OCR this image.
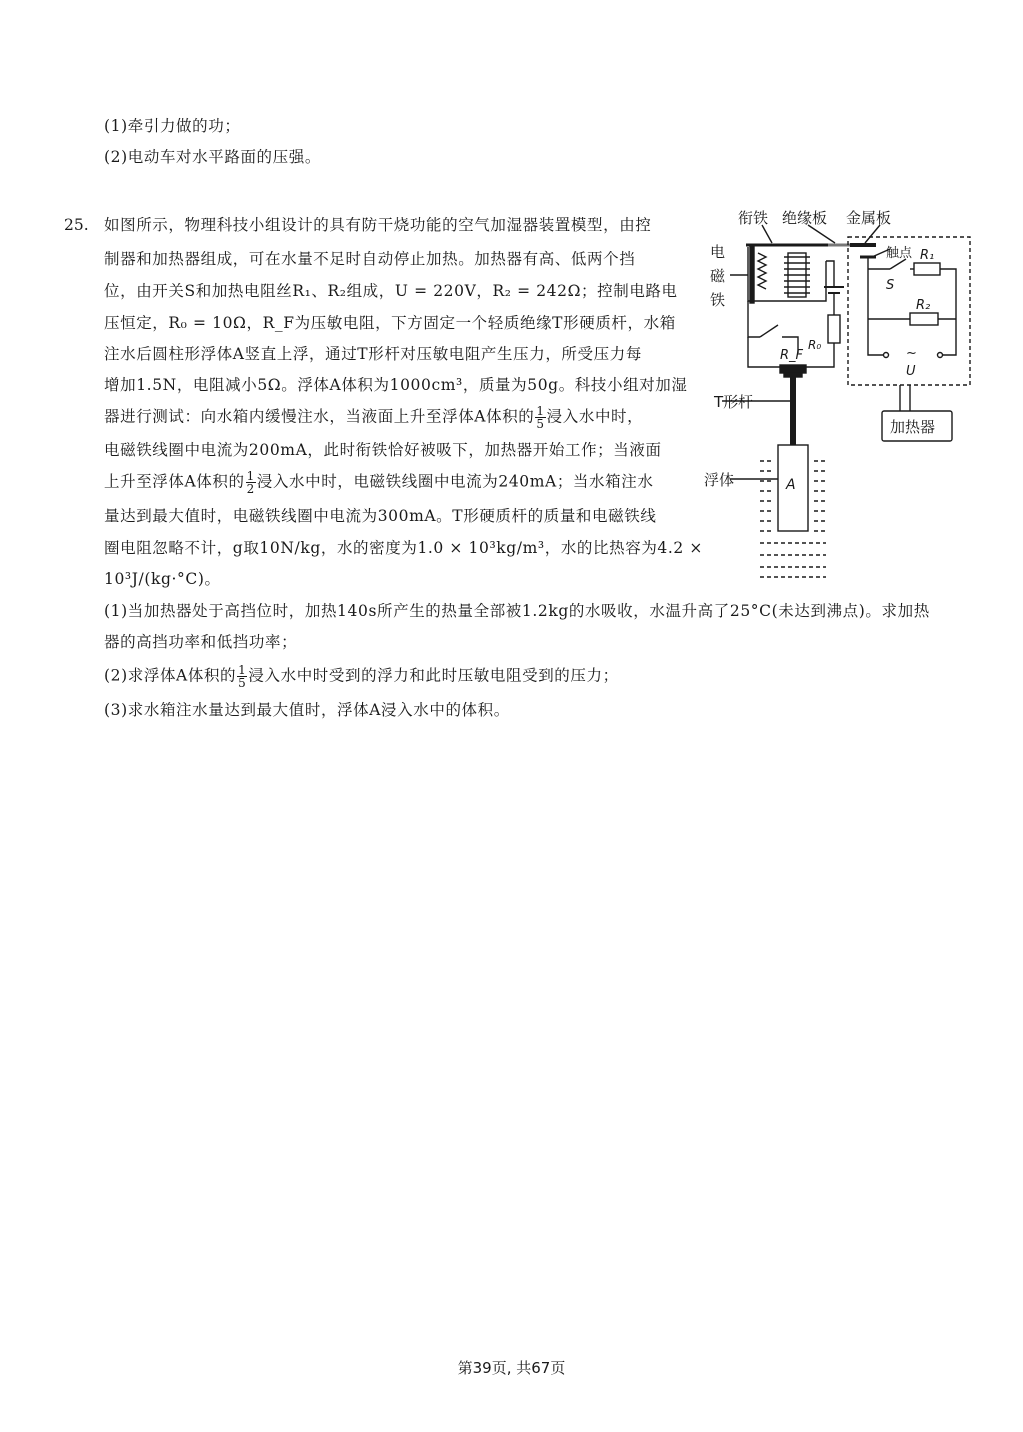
(1)牵引力做的功；
(2)电动车对水平路面的压强。
25. 如图所示，物理科技小组设计的具有防干烧功能的空气加湿器装置模型，由控
制器和加热器组成，可在水量不足时自动停止加热。加热器有高、低两个挡
位，由开关S和加热电阻丝R₁、R₂组成，U = 220V，R₂ = 242Ω；控制电路电
压恒定，R₀ = 10Ω，R_F为压敏电阻，下方固定一个轻质绝缘T形硬质杆，水箱
注水后圆柱形浮体A竖直上浮，通过T形杆对压敏电阻产生压力，所受压力每
增加1.5N，电阻减小5Ω。浮体A体积为1000cm³，质量为50g。科技小组对加湿
器进行测试：向水箱内缓慢注水，当液面上升至浮体A体积的 $\frac{1}{5}$ 浸入水中时，
电磁铁线圈中电流为200mA，此时衔铁恰好被吸下，加热器开始工作；当液面
上升至浮体A体积的 $\frac{1}{2}$ 浸入水中时，电磁铁线圈中电流为240mA；当水箱注水
量达到最大值时，电磁铁线圈中电流为300mA。T形硬质杆的质量和电磁铁线
圈电阻忽略不计，g取10N/kg，水的密度为1.0 × 10³kg/m³，水的比热容为4.2 ×
10³J/(kg·°C)。
(1)当加热器处于高挡位时，加热140s所产生的热量全部被1.2kg的水吸收，水温升高了25°C(未达到沸点)。求加热
器的高挡功率和低挡功率；
(2)求浮体A体积的 $\frac{1}{5}$ 浸入水中时受到的浮力和此时压敏电阻受到的压力；
(3)求水箱注水量达到最大值时，浮体A浸入水中的体积。
衔铁 绝缘板 金属板
触点
电
磁
铁
R₁
S
R₂
~
U
R_F
R₀
T形杆
加热器
浮体	A
第39页, 共67页
